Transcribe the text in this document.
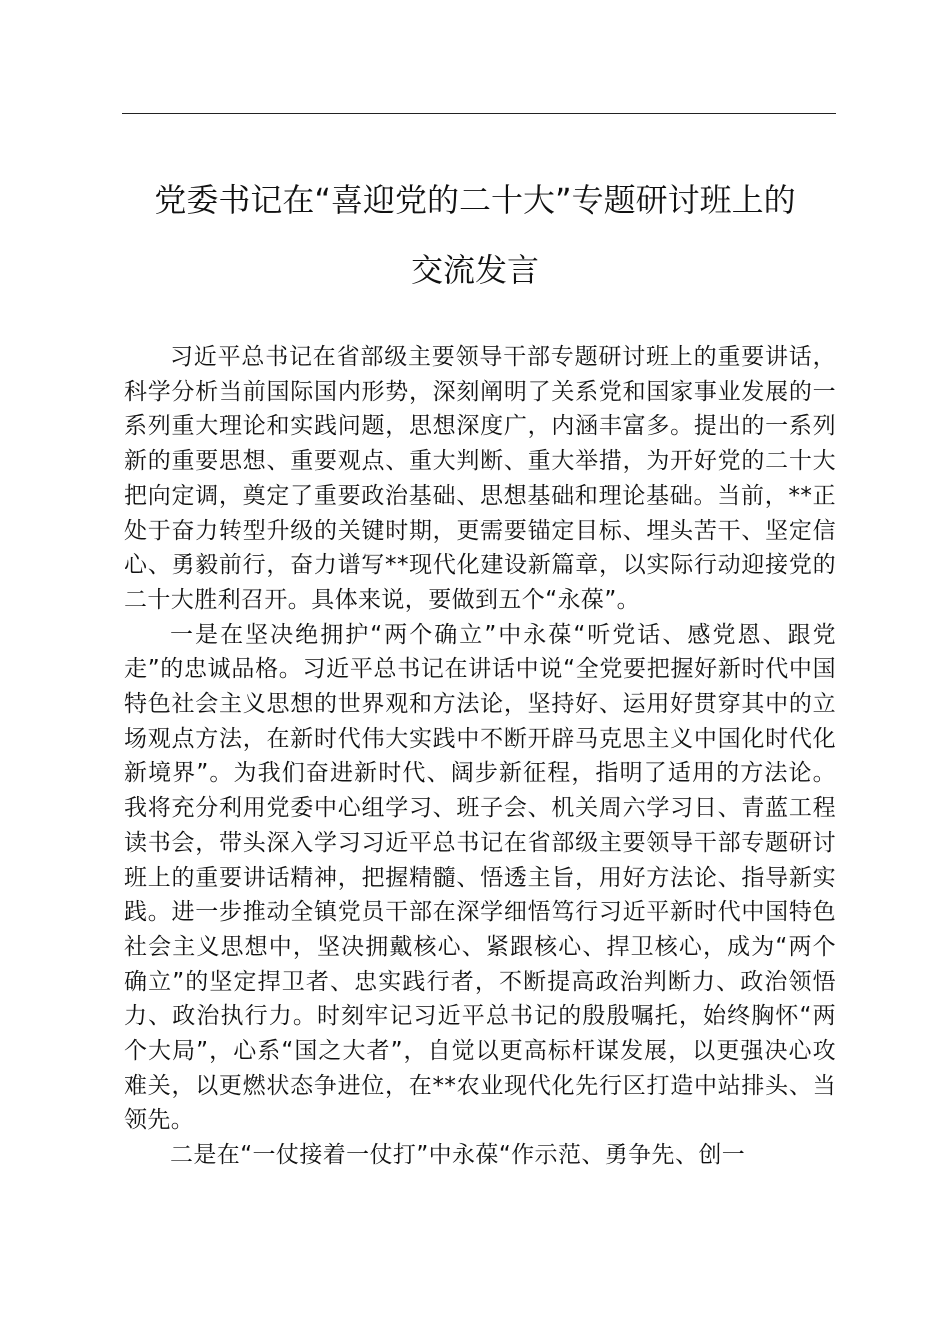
党委书记在“喜迎党的二十大”专题研讨班上的
交流发言

习近平总书记在省部级主要领导干部专题研讨班上的重要讲话，科学分析当前国际国内形势，深刻阐明了关系党和国家事业发展的一系列重大理论和实践问题，思想深度广，内涵丰富多。提出的一系列新的重要思想、重要观点、重大判断、重大举措，为开好党的二十大把向定调，奠定了重要政治基础、思想基础和理论基础。当前，**正处于奋力转型升级的关键时期，更需要锚定目标、埋头苦干、坚定信心、勇毅前行，奋力谱写**现代化建设新篇章，以实际行动迎接党的二十大胜利召开。具体来说，要做到五个“永葆”。

一是在坚决绝拥护“两个确立”中永葆“听党话、感党恩、跟党走”的忠诚品格。习近平总书记在讲话中说“全党要把握好新时代中国特色社会主义思想的世界观和方法论，坚持好、运用好贯穿其中的立场观点方法，在新时代伟大实践中不断开辟马克思主义中国化时代化新境界”。为我们奋进新时代、阔步新征程，指明了适用的方法论。我将充分利用党委中心组学习、班子会、机关周六学习日、青蓝工程读书会，带头深入学习习近平总书记在省部级主要领导干部专题研讨班上的重要讲话精神，把握精髓、悟透主旨，用好方法论、指导新实践。进一步推动全镇党员干部在深学细悟笃行习近平新时代中国特色社会主义思想中，坚决拥戴核心、紧跟核心、捍卫核心，成为“两个确立”的坚定捍卫者、忠实践行者，不断提高政治判断力、政治领悟力、政治执行力。时刻牢记习近平总书记的殷殷嘱托，始终胸怀“两个大局”，心系“国之大者”，自觉以更高标杆谋发展，以更强决心攻难关，以更燃状态争进位，在**农业现代化先行区打造中站排头、当领先。

二是在“一仗接着一仗打”中永葆“作示范、勇争先、创一
